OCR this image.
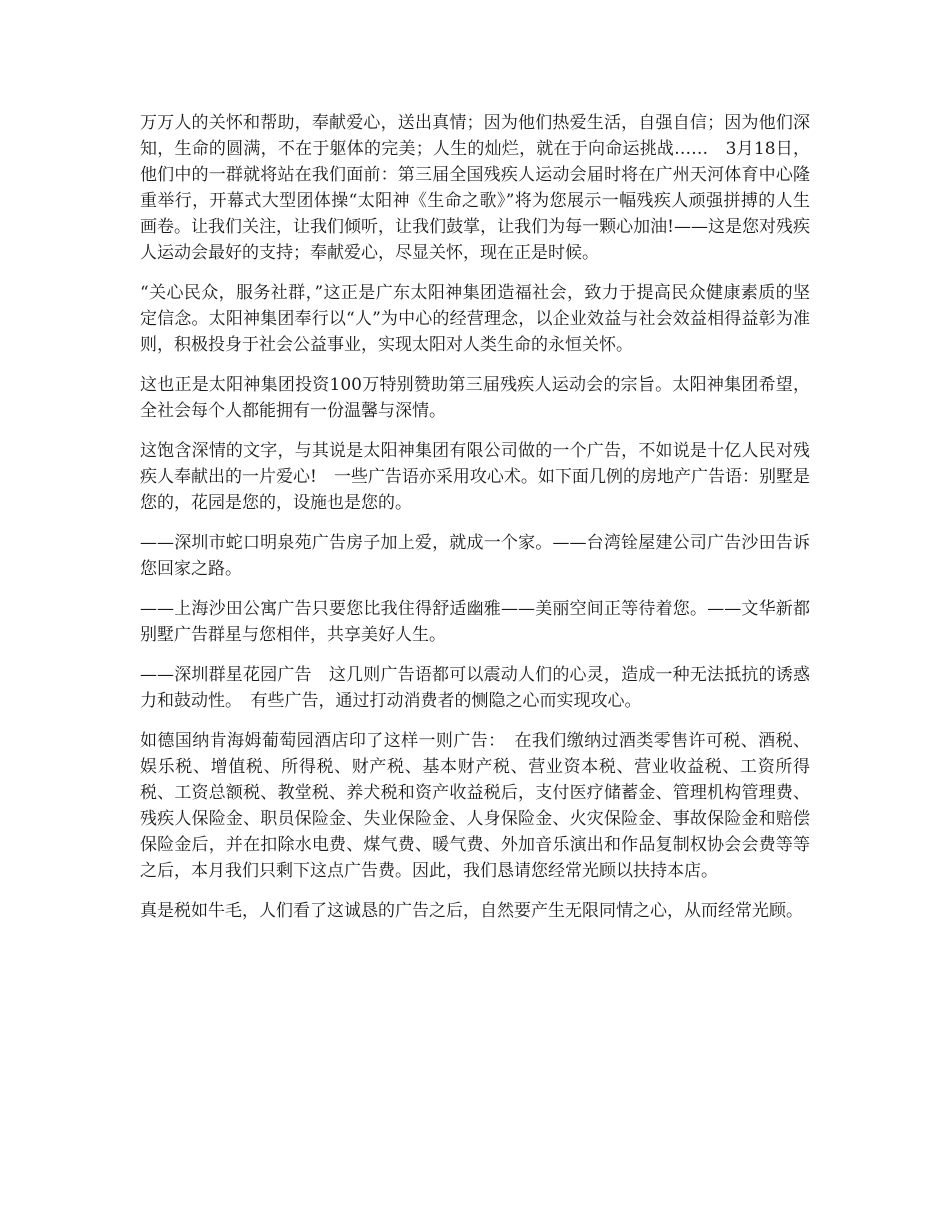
万万人的关怀和帮助，奉献爱心，送出真情；因为他们热爱生活，自强自信；因为他们深知，生命的圆满，不在于躯体的完美；人生的灿烂，就在于向命运挑战……　3月18日，他们中的一群就将站在我们面前：第三届全国残疾人运动会届时将在广州天河体育中心隆重举行，开幕式大型团体操“太阳神《生命之歌》”将为您展示一幅残疾人顽强拼搏的人生画卷。让我们关注，让我们倾听，让我们鼓掌，让我们为每一颗心加油!——这是您对残疾人运动会最好的支持；奉献爱心，尽显关怀，现在正是时候。

“关心民众，服务社群，”这正是广东太阳神集团造福社会，致力于提高民众健康素质的坚定信念。太阳神集团奉行以“人”为中心的经营理念，以企业效益与社会效益相得益彰为准则，积极投身于社会公益事业，实现太阳对人类生命的永恒关怀。

这也正是太阳神集团投资100万特别赞助第三届残疾人运动会的宗旨。太阳神集团希望，全社会每个人都能拥有一份温馨与深情。

这饱含深情的文字，与其说是太阳神集团有限公司做的一个广告，不如说是十亿人民对残疾人奉献出的一片爱心!　一些广告语亦采用攻心术。如下面几例的房地产广告语：别墅是您的，花园是您的，设施也是您的。

——深圳市蛇口明泉苑广告房子加上爱，就成一个家。——台湾铨屋建公司广告沙田告诉您回家之路。

——上海沙田公寓广告只要您比我住得舒适幽雅——美丽空间正等待着您。——文华新都别墅广告群星与您相伴，共享美好人生。

——深圳群星花园广告　这几则广告语都可以震动人们的心灵，造成一种无法抵抗的诱惑力和鼓动性。　有些广告，通过打动消费者的恻隐之心而实现攻心。

如德国纳肯海姆葡萄园酒店印了这样一则广告：　在我们缴纳过酒类零售许可税、酒税、娱乐税、增值税、所得税、财产税、基本财产税、营业资本税、营业收益税、工资所得税、工资总额税、教堂税、养犬税和资产收益税后，支付医疗储蓄金、管理机构管理费、残疾人保险金、职员保险金、失业保险金、人身保险金、火灾保险金、事故保险金和赔偿保险金后，并在扣除水电费、煤气费、暖气费、外加音乐演出和作品复制权协会会费等等之后，本月我们只剩下这点广告费。因此，我们恳请您经常光顾以扶持本店。

真是税如牛毛，人们看了这诚恳的广告之后，自然要产生无限同情之心，从而经常光顾。
